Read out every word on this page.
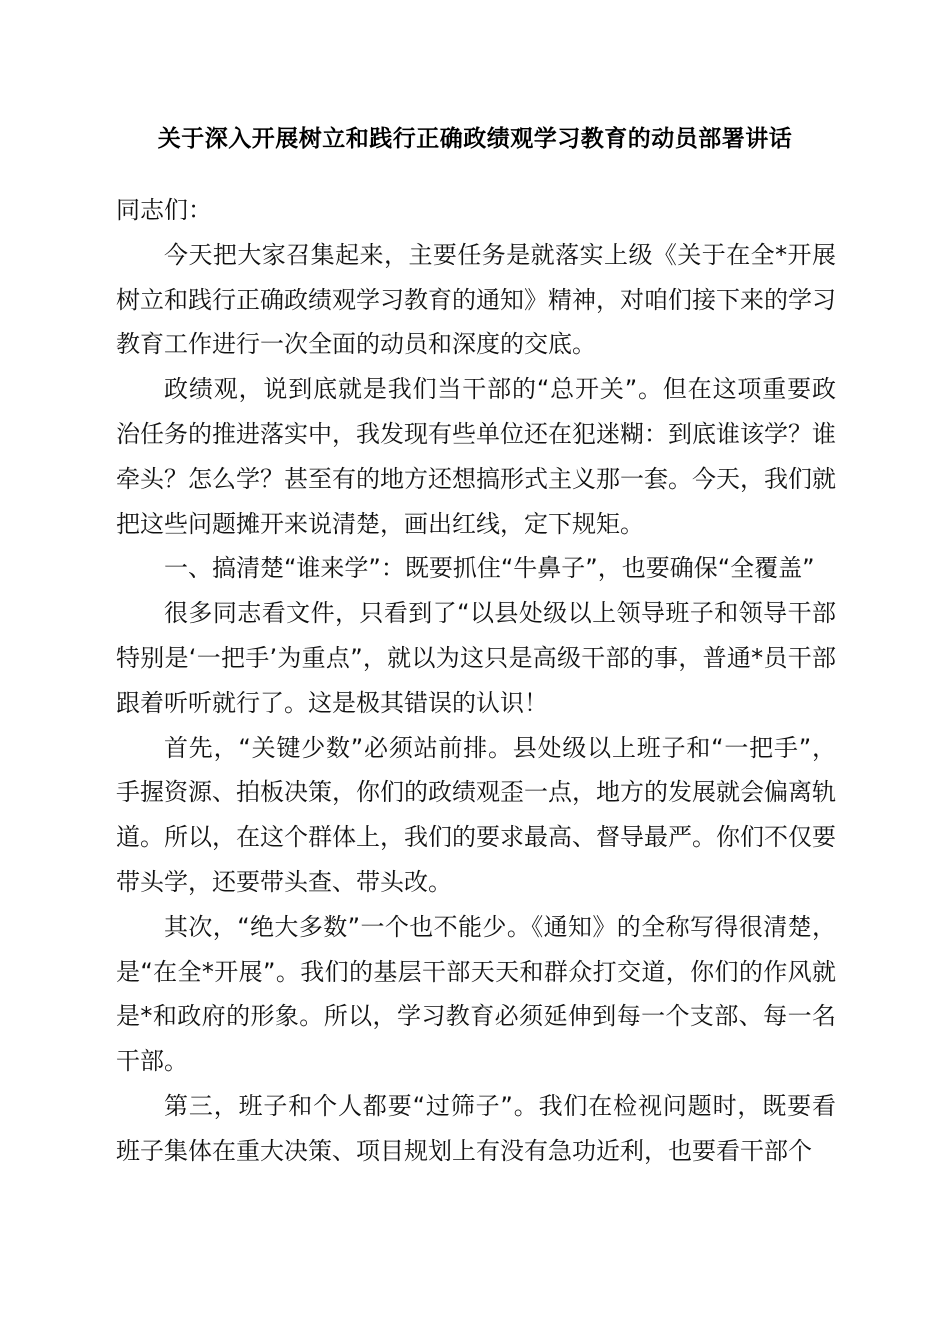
关于深入开展树立和践行正确政绩观学习教育的动员部署讲话

同志们：

今天把大家召集起来，主要任务是就落实上级《关于在全*开展树立和践行正确政绩观学习教育的通知》精神，对咱们接下来的学习教育工作进行一次全面的动员和深度的交底。

政绩观，说到底就是我们当干部的“总开关”。但在这项重要政治任务的推进落实中，我发现有些单位还在犯迷糊：到底谁该学？谁牵头？怎么学？甚至有的地方还想搞形式主义那一套。今天，我们就把这些问题摊开来说清楚，画出红线，定下规矩。

一、搞清楚“谁来学”：既要抓住“牛鼻子”，也要确保“全覆盖”

很多同志看文件，只看到了“以县处级以上领导班子和领导干部特别是‘一把手’为重点”，就以为这只是高级干部的事，普通*员干部跟着听听就行了。这是极其错误的认识！

首先，“关键少数”必须站前排。县处级以上班子和“一把手”，手握资源、拍板决策，你们的政绩观歪一点，地方的发展就会偏离轨道。所以，在这个群体上，我们的要求最高、督导最严。你们不仅要带头学，还要带头查、带头改。

其次，“绝大多数”一个也不能少。《通知》的全称写得很清楚，是“在全*开展”。我们的基层干部天天和群众打交道，你们的作风就是*和政府的形象。所以，学习教育必须延伸到每一个支部、每一名干部。

第三，班子和个人都要“过筛子”。我们在检视问题时，既要看班子集体在重大决策、项目规划上有没有急功近利，也要看干部个
